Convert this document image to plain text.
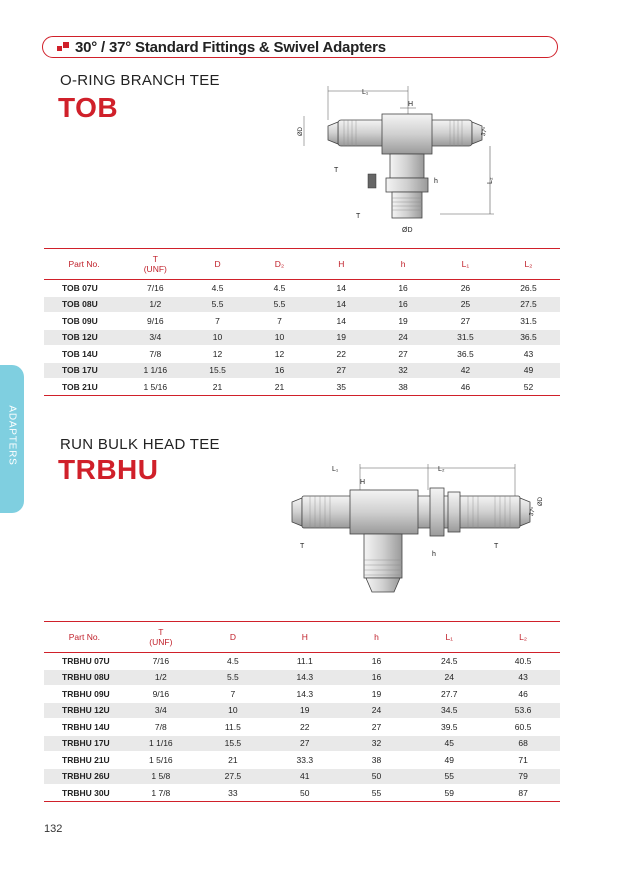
30° / 37° Standard Fittings & Swivel Adapters
ADAPTERS
O-RING BRANCH TEE
TOB	L₁
H
ØD	37°
T
h	L₂
T
ØD
Part No.	T
(UNF)	D	D₂	H	h	L₁	L₂
TOB 07U	7/16	4.5	4.5	14	16	26	26.5
TOB 08U	1/2	5.5	5.5	14	16	25	27.5
TOB 09U	9/16	7	7	14	19	27	31.5
TOB 12U	3/4	10	10	19	24	31.5	36.5
TOB 14U	7/8	12	12	22	27	36.5	43
TOB 17U	1 1/16	15.5	16	27	32	42	49
TOB 21U	1 5/16	21	21	35	38	46	52
RUN BULK HEAD TEE
TRBHU	L₁	L₂
H
37°
ØD
T
h
T
Part No.	T
(UNF)	D	H	h	L₁	L₂
TRBHU 07U	7/16	4.5	11.1	16	24.5	40.5
TRBHU 08U	1/2	5.5	14.3	16	24	43
TRBHU 09U	9/16	7	14.3	19	27.7	46
TRBHU 12U	3/4	10	19	24	34.5	53.6
TRBHU 14U	7/8	11.5	22	27	39.5	60.5
TRBHU 17U	1 1/16	15.5	27	32	45	68
TRBHU 21U	1 5/16	21	33.3	38	49	71
TRBHU 26U	1 5/8	27.5	41	50	55	79
TRBHU 30U	1 7/8	33	50	55	59	87
132
